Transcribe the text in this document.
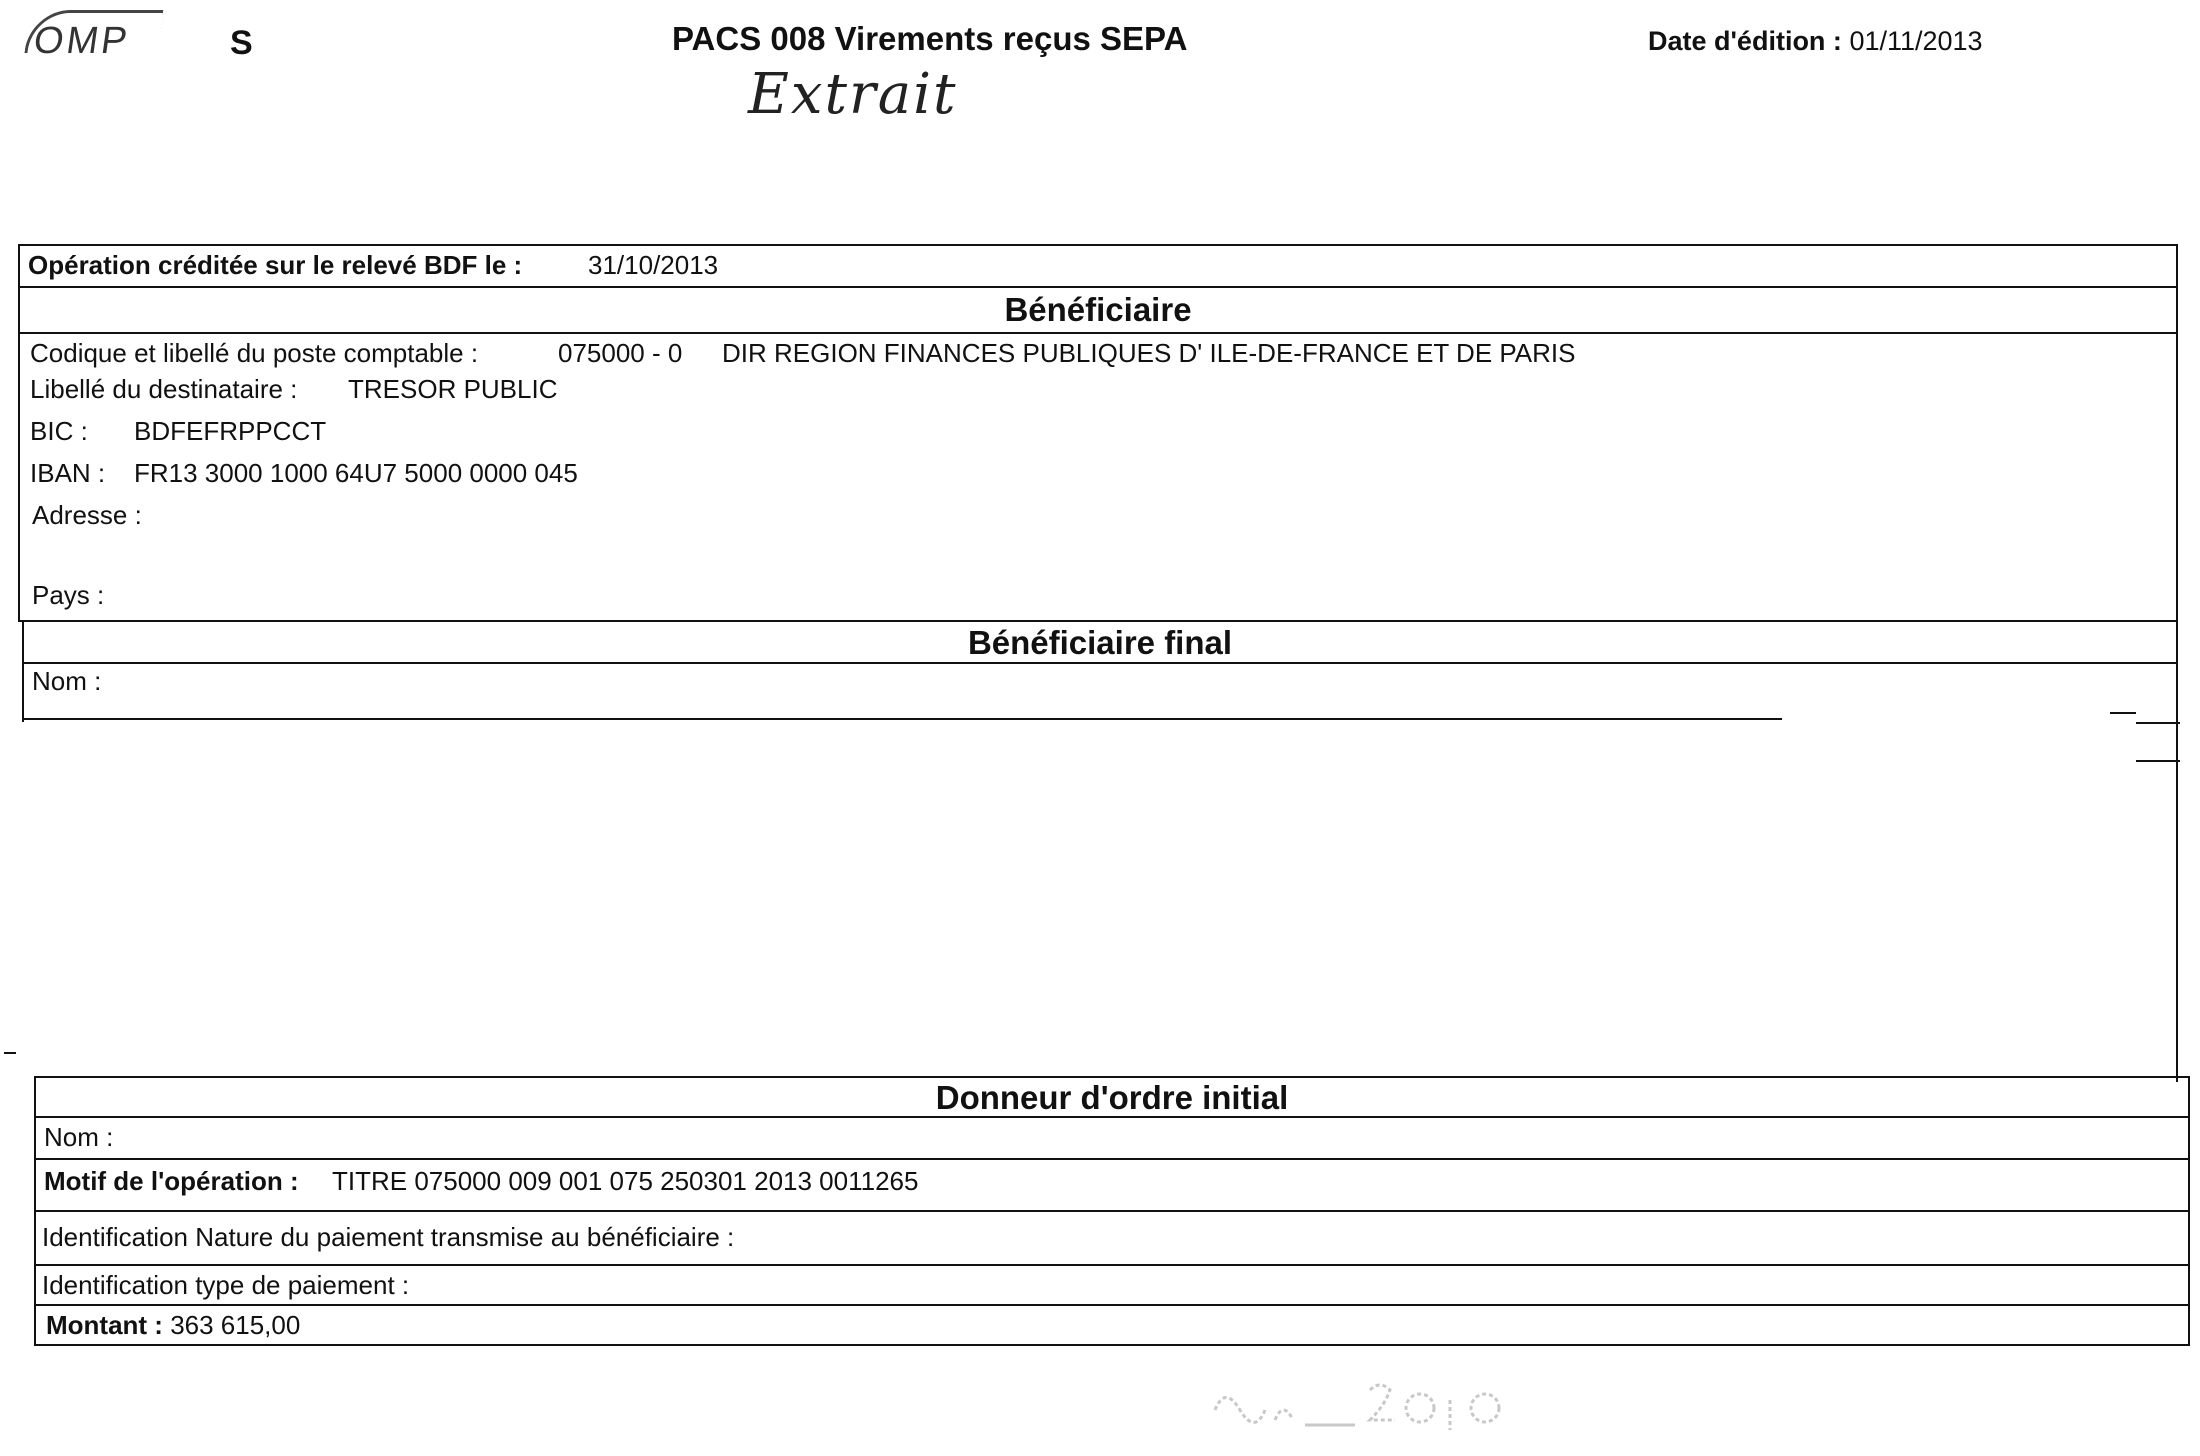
OMP	S	PACS 008 Virements reçus SEPA
Extrait
Date d'édition : 01/11/2013
Opération créditée sur le relevé BDF le :	31/10/2013
Bénéficiaire
Codique et libellé du poste comptable :	075000 - 0 DIR REGION FINANCES PUBLIQUES D' ILE-DE-FRANCE ET DE PARIS
Libellé du destinataire : TRESOR PUBLIC
BIC : BDFEFRPPCCT
IBAN : FR13 3000 1000 64U7 5000 0000 045
Adresse :
Pays :
Bénéficiaire final
Nom :
Donneur d'ordre initial
Nom :
Motif de l'opération : TITRE 075000 009 001 075 250301 2013 0011265
Identification Nature du paiement transmise au bénéficiaire :
Identification type de paiement :
Montant : 363 615,00
